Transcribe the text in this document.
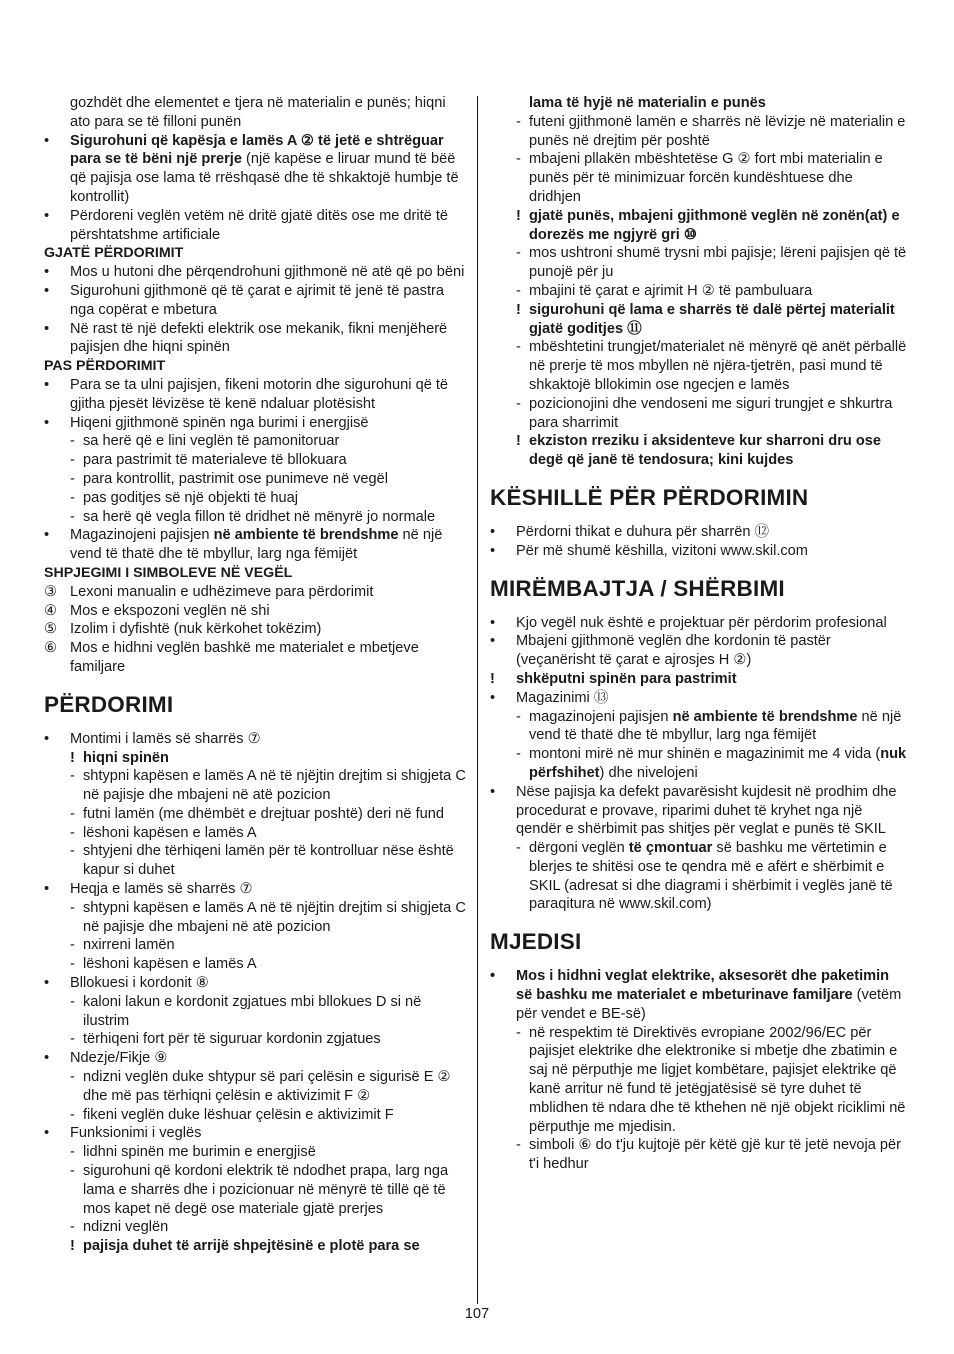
gozhdët dhe elementet e tjera në materialin e punës; hiqni ato para se të filloni punën
• Sigurohuni që kapësja e lamës A ② të jetë e shtrëguar para se të bëni një prerje (një kapëse e liruar mund të bëë që pajisja ose lama të rrëshqasë dhe të shkaktojë humbje të kontrollit)
• Përdoreni veglën vetëm në dritë gjatë ditës ose me dritë të përshtatshme artificiale
GJATË PËRDORIMIT
• Mos u hutoni dhe përqendrohuni gjithmonë në atë që po bëni
• Sigurohuni gjithmonë që të çarat e ajrimit të jenë të pastra nga copërat e mbetura
• Në rast të një defekti elektrik ose mekanik, fikni menjëherë pajisjen dhe hiqni spinën
PAS PËRDORIMIT
• Para se ta ulni pajisjen, fikeni motorin dhe sigurohuni që të gjitha pjesët lëvizëse të kenë ndaluar plotësisht
• Hiqeni gjithmonë spinën nga burimi i energjisë
- sa herë që e lini veglën të pamonitoruar
- para pastrimit të materialeve të bllokuara
- para kontrollit, pastrimit ose punimeve në vegël
- pas goditjes së një objekti të huaj
- sa herë që vegla fillon të dridhet në mënyrë jo normale
• Magazinojeni pajisjen në ambiente të brendshme në një vend të thatë dhe të mbyllur, larg nga fëmijët
SHPJEGIMI I SIMBOLEVE NË VEGËL
③ Lexoni manualin e udhëzimeve para përdorimit
④ Mos e ekspozoni veglën në shi
⑤ Izolim i dyfishtë (nuk kërkohet tokëzim)
⑥ Mos e hidhni veglën bashkë me materialet e mbetjeve familjare
PËRDORIMI
• Montimi i lamës së sharrës ⑦
! hiqni spinën
- shtypni kapësen e lamës A në të njëjtin drejtim si shigjeta C në pajisje dhe mbajeni në atë pozicion
- futni lamën (me dhëmbët e drejtuar poshtë) deri në fund
- lëshoni kapësen e lamës A
- shtyjeni dhe tërhiqeni lamën për të kontrolluar nëse është kapur si duhet
• Heqja e lamës së sharrës ⑦
- shtypni kapësen e lamës A në të njëjtin drejtim si shigjeta C në pajisje dhe mbajeni në atë pozicion
- nxirreni lamën
- lëshoni kapësen e lamës A
• Bllokuesi i kordonit ⑧
- kaloni lakun e kordonit zgjatues mbi bllokues D si në ilustrim
- tërhiqeni fort për të siguruar kordonin zgjatues
• Ndezje/Fikje ⑨
- ndizni veglën duke shtypur së pari çelësin e sigurisë E ② dhe më pas tërhiqni çelësin e aktivizimit F ②
- fikeni veglën duke lëshuar çelësin e aktivizimit F
• Funksionimi i veglës
- lidhni spinën me burimin e energjisë
- sigurohuni që kordoni elektrik të ndodhet prapa, larg nga lama e sharrës dhe i pozicionuar në mënyrë të tillë që të mos kapet në degë ose materiale gjatë prerjes
- ndizni veglën
! pajisja duhet të arrijë shpejtësinë e plotë para se
lama të hyjë në materialin e punës
- futeni gjithmonë lamën e sharrës në lëvizje në materialin e punës në drejtim për poshtë
- mbajeni pllakën mbështetëse G ② fort mbi materialin e punës për të minimizuar forcën kundështuese dhe dridhjen
! gjatë punës, mbajeni gjithmonë veglën në zonën(at) e dorezës me ngjyrë gri ⑩
- mos ushtroni shumë trysni mbi pajisje; lëreni pajisjen që të punojë për ju
- mbajini të çarat e ajrimit H ② të pambuluara
! sigurohuni që lama e sharrës të dalë përtej materialit gjatë goditjes ⑪
- mbështetini trungjet/materialet në mënyrë që anët përballë në prerje të mos mbyllen në njëra-tjetrën, pasi mund të shkaktojë bllokimin ose ngecjen e lamës
- pozicionojini dhe vendoseni me siguri trungjet e shkurtra para sharrimit
! ekziston rreziku i aksidenteve kur sharroni dru ose degë që janë të tendosura; kini kujdes
KËSHILLË PËR PËRDORIMIN
• Përdorni thikat e duhura për sharrën ⑫
• Për më shumë këshilla, vizitoni www.skil.com
MIRËMBAJTJA / SHËRBIMI
• Kjo vegël nuk është e projektuar për përdorim profesional
• Mbajeni gjithmonë veglën dhe kordonin të pastër (veçanërisht të çarat e ajrosjes H ②)
! shkëputni spinën para pastrimit
• Magazinimi ⑬
- magazinojeni pajisjen në ambiente të brendshme në një vend të thatë dhe të mbyllur, larg nga fëmijët
- montoni mirë në mur shinën e magazinimit me 4 vida (nuk përfshihet) dhe nivelojeni
• Nëse pajisja ka defekt pavarësisht kujdesit në prodhim dhe procedurat e provave, riparimi duhet të kryhet nga një qendër e shërbimit pas shitjes për veglat e punës të SKIL
- dërgoni veglën të çmontuar së bashku me vërtetimin e blerjes te shitësi ose te qendra më e afërt e shërbimit e SKIL (adresat si dhe diagrami i shërbimit i veglës janë të paraqitura në www.skil.com)
MJEDISI
• Mos i hidhni veglat elektrike, aksesorët dhe paketimin së bashku me materialet e mbeturinave familjare (vetëm për vendet e BE-së)
- në respektim të Direktivës evropiane 2002/96/EC për pajisjet elektrike dhe elektronike si mbetje dhe zbatimin e saj në përputhje me ligjet kombëtare, pajisjet elektrike që kanë arritur në fund të jetëgjatësisë së tyre duhet të mblidhen të ndara dhe të kthehen në një objekt riciklimi në përputhje me mjedisin.
- simboli ⑥ do t'ju kujtojë për këtë gjë kur të jetë nevoja për t'i hedhur
107
